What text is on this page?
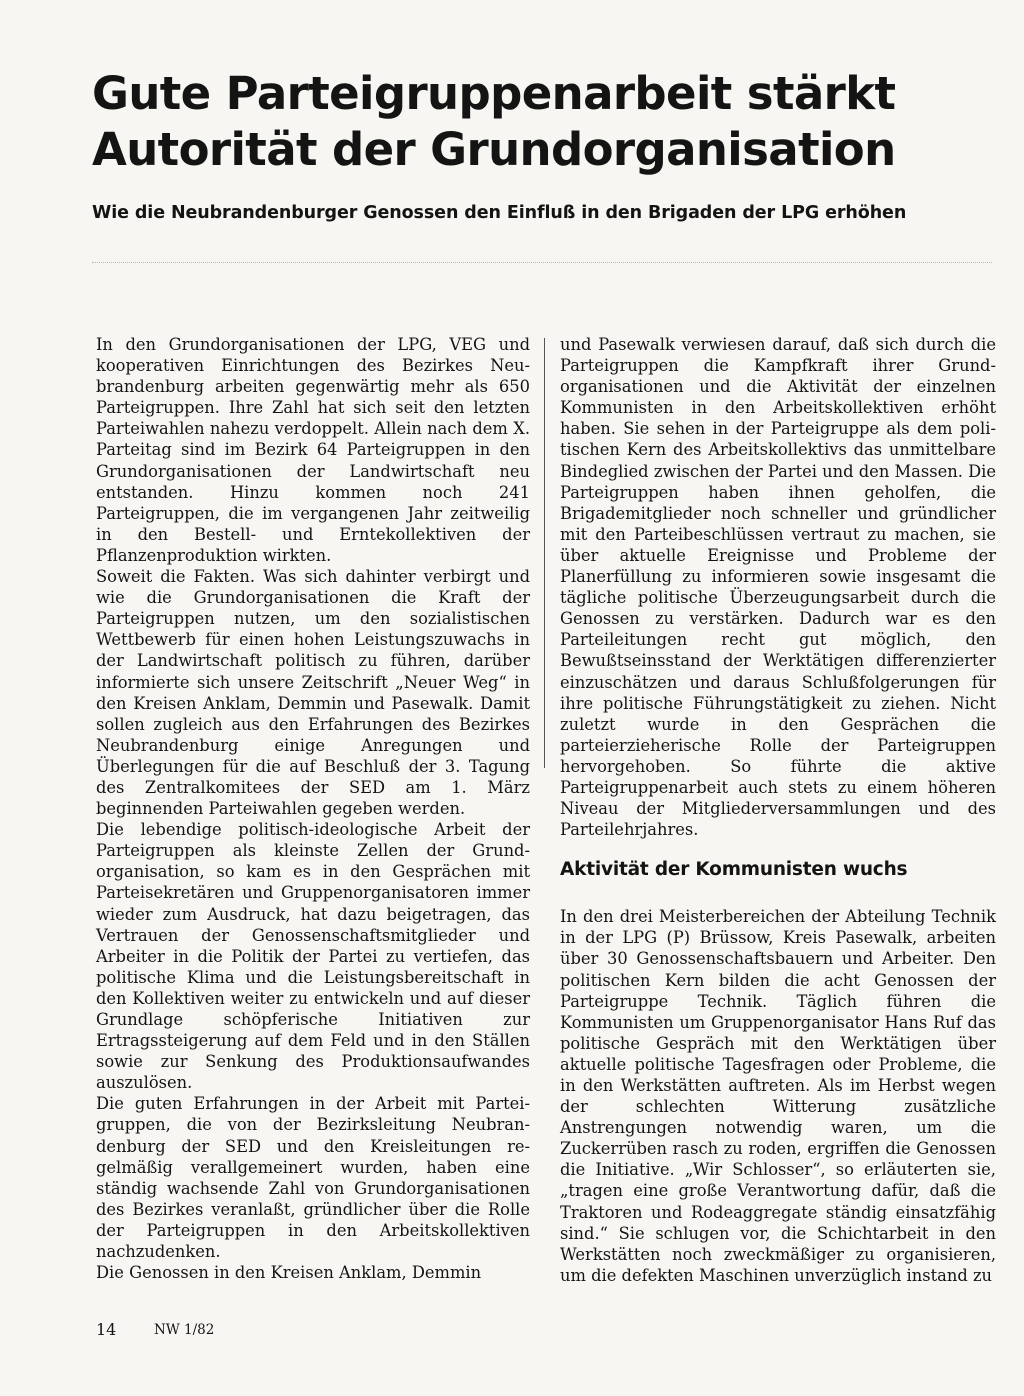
Gute Parteigruppenarbeit stärkt
Autorität der Grundorganisation
Wie die Neubrandenburger Genossen den Einfluß in den Brigaden der LPG erhöhen

In den Grundorganisationen der LPG, VEG und kooperativen Einrichtungen des Bezirkes Neubrandenburg arbeiten gegenwärtig mehr als 650 Parteigruppen. Ihre Zahl hat sich seit den letzten Parteiwahlen nahezu verdoppelt. Allein nach dem X. Parteitag sind im Bezirk 64 Parteigruppen in den Grundorganisationen der Landwirtschaft neu entstanden. Hinzu kommen noch 241 Parteigruppen, die im vergangenen Jahr zeitweilig in den Bestell- und Erntekollektiven der Pflanzenproduktion wirkten.

Soweit die Fakten. Was sich dahinter verbirgt und wie die Grundorganisationen die Kraft der Parteigruppen nutzen, um den sozialistischen Wettbewerb für einen hohen Leistungszuwachs in der Landwirtschaft politisch zu führen, darüber informierte sich unsere Zeitschrift „Neuer Weg“ in den Kreisen Anklam, Demmin und Pasewalk. Damit sollen zugleich aus den Erfahrungen des Bezirkes Neubrandenburg einige Anregungen und Überlegungen für die auf Beschluß der 3. Tagung des Zentralkomitees der SED am 1. März beginnenden Parteiwahlen gegeben werden.

Die lebendige politisch-ideologische Arbeit der Parteigruppen als kleinste Zellen der Grundorganisation, so kam es in den Gesprächen mit Parteisekretären und Gruppenorganisatoren immer wieder zum Ausdruck, hat dazu beigetragen, das Vertrauen der Genossenschaftsmitglieder und Arbeiter in die Politik der Partei zu vertiefen, das politische Klima und die Leistungsbereitschaft in den Kollektiven weiter zu entwickeln und auf dieser Grundlage schöpferische Initiativen zur Ertragssteigerung auf dem Feld und in den Ställen sowie zur Senkung des Produktionsaufwandes auszulösen.

Die guten Erfahrungen in der Arbeit mit Parteigruppen, die von der Bezirksleitung Neubrandenburg der SED und den Kreisleitungen regelmäßig verallgemeinert wurden, haben eine ständig wachsende Zahl von Grundorganisationen des Bezirkes veranlaßt, gründlicher über die Rolle der Parteigruppen in den Arbeitskollektiven nachzudenken.

Die Genossen in den Kreisen Anklam, Demmin

und Pasewalk verwiesen darauf, daß sich durch die Parteigruppen die Kampfkraft ihrer Grundorganisationen und die Aktivität der einzelnen Kommunisten in den Arbeitskollektiven erhöht haben. Sie sehen in der Parteigruppe als dem politischen Kern des Arbeitskollektivs das unmittelbare Bindeglied zwischen der Partei und den Massen. Die Parteigruppen haben ihnen geholfen, die Brigademitglieder noch schneller und gründlicher mit den Parteibeschlüssen vertraut zu machen, sie über aktuelle Ereignisse und Probleme der Planerfüllung zu informieren sowie insgesamt die tägliche politische Überzeugungsarbeit durch die Genossen zu verstärken. Dadurch war es den Parteileitungen recht gut möglich, den Bewußtseinsstand der Werktätigen differenzierter einzuschätzen und daraus Schlußfolgerungen für ihre politische Führungstätigkeit zu ziehen. Nicht zuletzt wurde in den Gesprächen die parteierzieherische Rolle der Parteigruppen hervorgehoben. So führte die aktive Parteigruppenarbeit auch stets zu einem höheren Niveau der Mitgliederversammlungen und des Parteilehrjahres.

Aktivität der Kommunisten wuchs

In den drei Meisterbereichen der Abteilung Technik in der LPG (P) Brüssow, Kreis Pasewalk, arbeiten über 30 Genossenschaftsbauern und Arbeiter. Den politischen Kern bilden die acht Genossen der Parteigruppe Technik. Täglich führen die Kommunisten um Gruppenorganisator Hans Ruf das politische Gespräch mit den Werktätigen über aktuelle politische Tagesfragen oder Probleme, die in den Werkstätten auftreten. Als im Herbst wegen der schlechten Witterung zusätzliche Anstrengungen notwendig waren, um die Zuckerrüben rasch zu roden, ergriffen die Genossen die Initiative. „Wir Schlosser“, so erläuterten sie, „tragen eine große Verantwortung dafür, daß die Traktoren und Rodeaggregate ständig einsatzfähig sind.“ Sie schlugen vor, die Schichtarbeit in den Werkstätten noch zweckmäßiger zu organisieren, um die defekten Maschinen unverzüglich instand zu

14	NW 1/82
